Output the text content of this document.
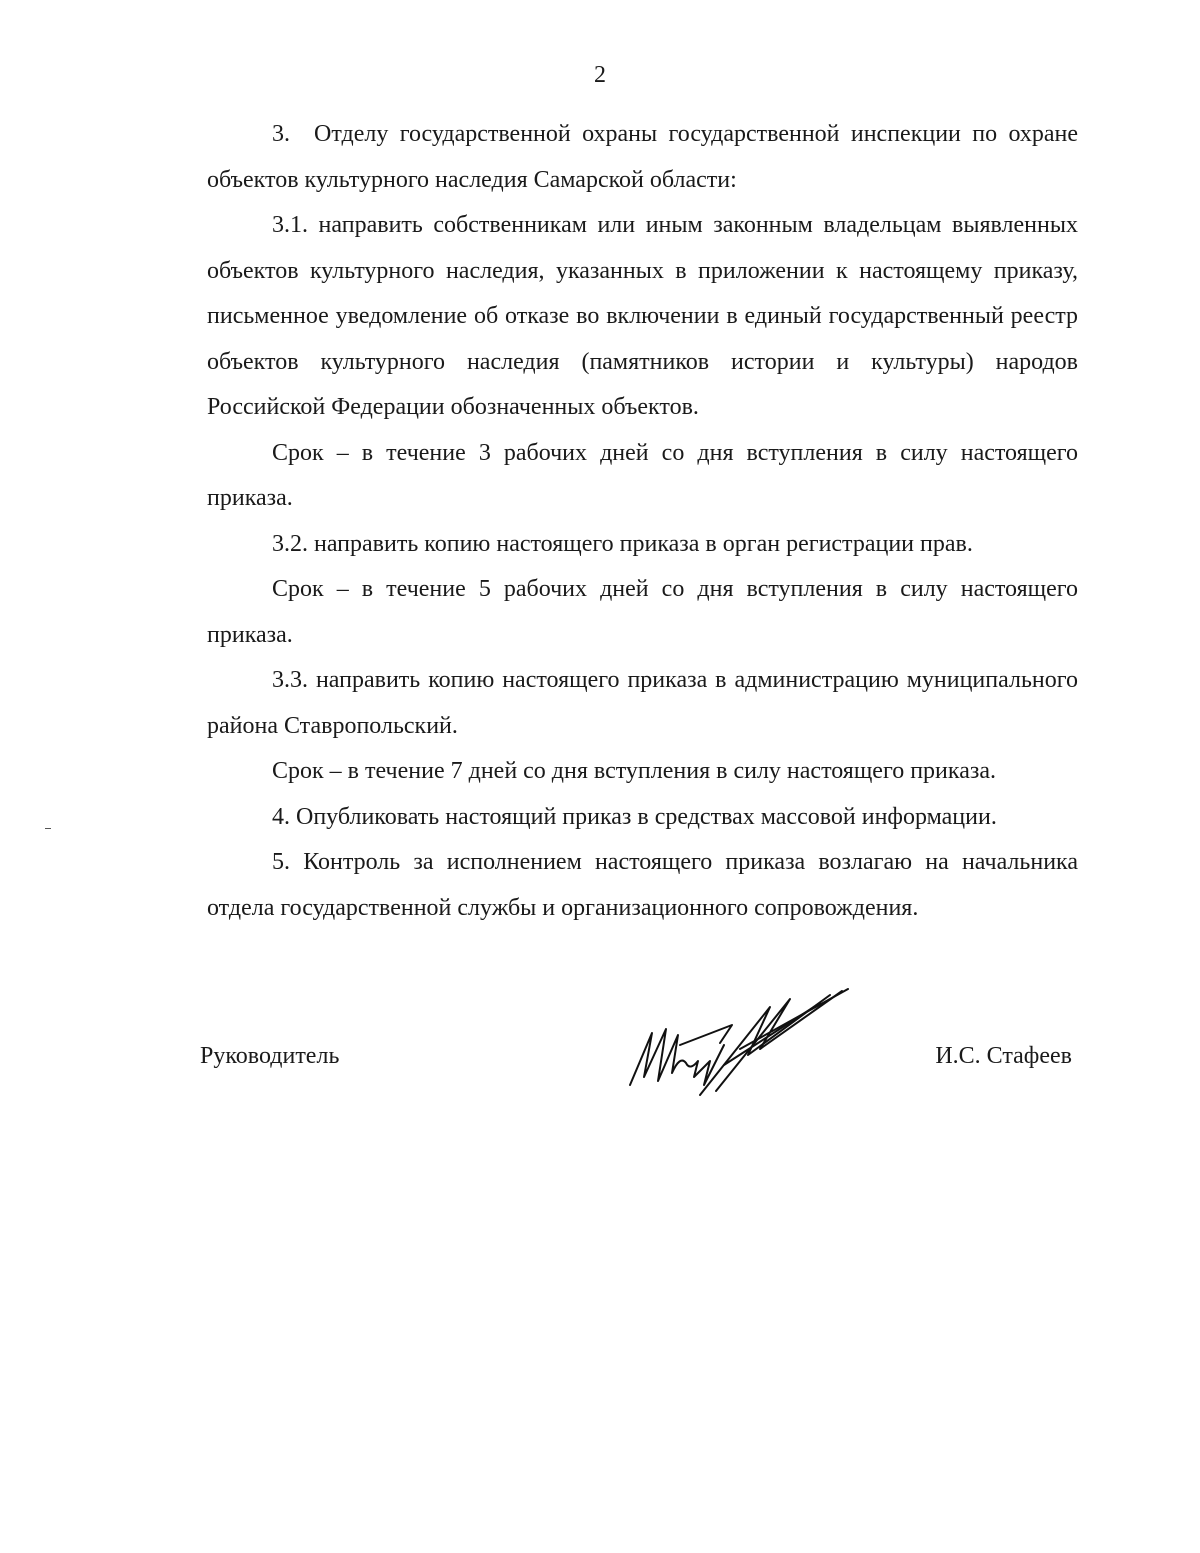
2

3. Отделу государственной охраны государственной инспекции по охране объектов культурного наследия Самарской области:

3.1. направить собственникам или иным законным владельцам выявленных объектов культурного наследия, указанных в приложении к настоящему приказу, письменное уведомление об отказе во включении в единый государственный реестр объектов культурного наследия (памятников истории и культуры) народов Российской Федерации обозначенных объектов.

Срок – в течение 3 рабочих дней со дня вступления в силу настоящего приказа.

3.2. направить копию настоящего приказа в орган регистрации прав.

Срок – в течение 5 рабочих дней со дня вступления в силу настоящего приказа.

3.3. направить копию настоящего приказа в администрацию муниципального района Ставропольский.

Срок – в течение 7 дней со дня вступления в силу настоящего приказа.

4. Опубликовать настоящий приказ в средствах массовой информации.

5. Контроль за исполнением настоящего приказа возлагаю на начальника отдела государственной службы и организационного сопровождения.

Руководитель	И.С. Стафеев
